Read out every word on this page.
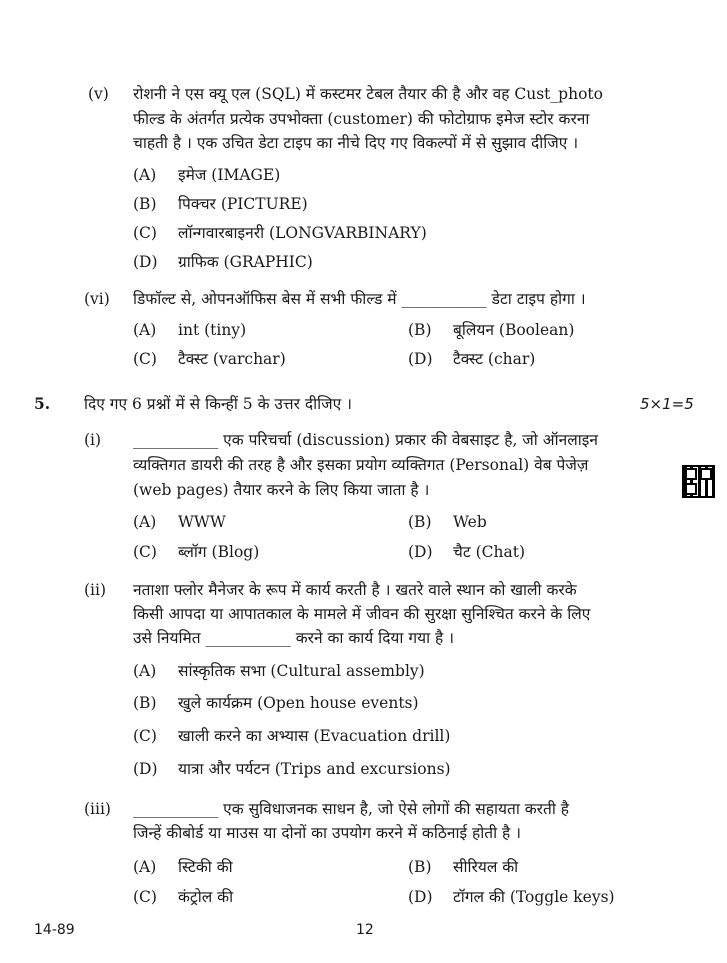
(v) रोशनी ने एस क्यू एल (SQL) में कस्टमर टेबल तैयार की है और वह Cust_photo
फील्ड के अंतर्गत प्रत्येक उपभोक्ता (customer) की फोटोग्राफ इमेज स्टोर करना
चाहती है । एक उचित डेटा टाइप का नीचे दिए गए विकल्पों में से सुझाव दीजिए ।
(A) इमेज (IMAGE)
(B) पिक्चर (PICTURE)
(C) लॉन्गवारबाइनरी (LONGVARBINARY)
(D) ग्राफिक (GRAPHIC)
(vi) डिफॉल्ट से, ओपनऑफिस बेस में सभी फील्ड में ___________ डेटा टाइप होगा ।
(A) int (tiny)	(B) बूलियन (Boolean)
(C) टैक्स्ट (varchar)	(D) टैक्स्ट (char)
5. दिए गए 6 प्रश्नों में से किन्हीं 5 के उत्तर दीजिए ।	5×1=5
(i) ___________ एक परिचर्चा (discussion) प्रकार की वेबसाइट है, जो ऑनलाइन
व्यक्तिगत डायरी की तरह है और इसका प्रयोग व्यक्तिगत (Personal) वेब पेजेज़
(web pages) तैयार करने के लिए किया जाता है ।
(A) WWW	(B) Web
(C) ब्लॉग (Blog)	(D) चैट (Chat)
(ii) नताशा फ्लोर मैनेजर के रूप में कार्य करती है । खतरे वाले स्थान को खाली करके
किसी आपदा या आपातकाल के मामले में जीवन की सुरक्षा सुनिश्चित करने के लिए
उसे नियमित ___________ करने का कार्य दिया गया है ।
(A) सांस्कृतिक सभा (Cultural assembly)
(B) खुले कार्यक्रम (Open house events)
(C) खाली करने का अभ्यास (Evacuation drill)
(D) यात्रा और पर्यटन (Trips and excursions)
(iii) ___________ एक सुविधाजनक साधन है, जो ऐसे लोगों की सहायता करती है
जिन्हें कीबोर्ड या माउस या दोनों का उपयोग करने में कठिनाई होती है ।
(A) स्टिकी की	(B) सीरियल की
(C) कंट्रोल की	(D) टॉगल की (Toggle keys)
14-89	12
